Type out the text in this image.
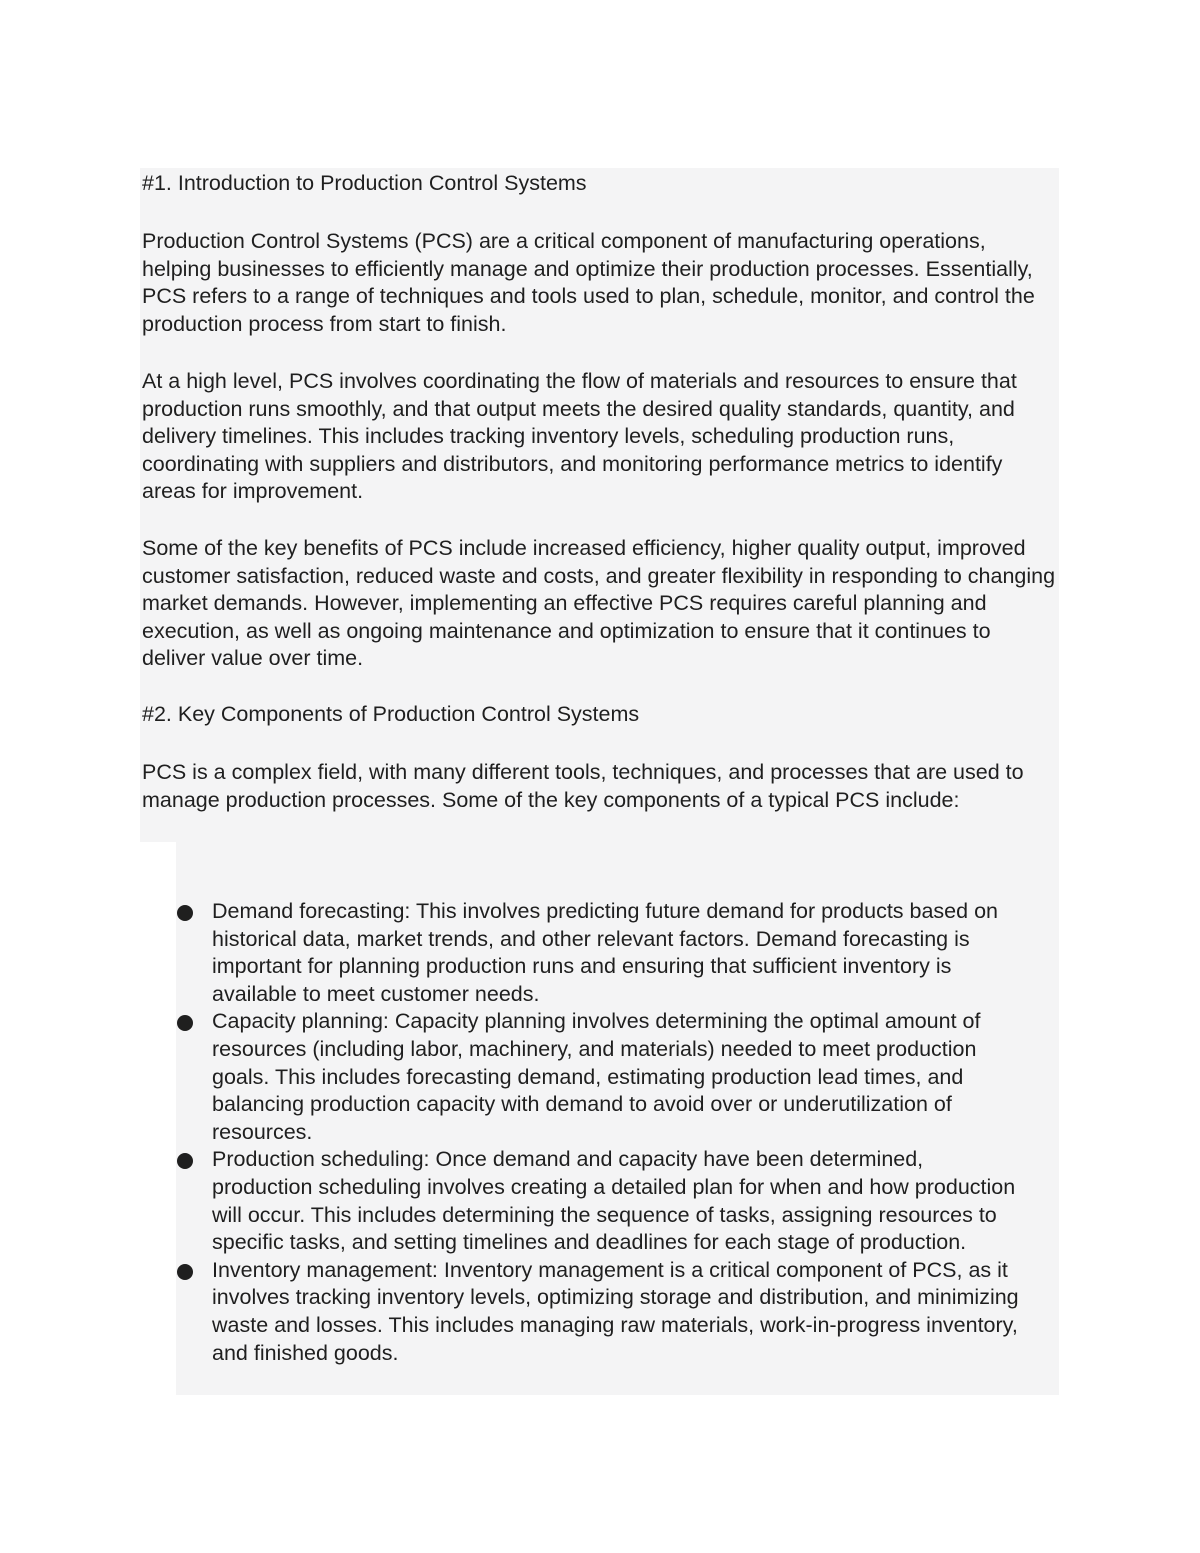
#1. Introduction to Production Control Systems

Production Control Systems (PCS) are a critical component of manufacturing operations, helping businesses to efficiently manage and optimize their production processes. Essentially, PCS refers to a range of techniques and tools used to plan, schedule, monitor, and control the production process from start to finish.

At a high level, PCS involves coordinating the flow of materials and resources to ensure that production runs smoothly, and that output meets the desired quality standards, quantity, and delivery timelines. This includes tracking inventory levels, scheduling production runs, coordinating with suppliers and distributors, and monitoring performance metrics to identify areas for improvement.

Some of the key benefits of PCS include increased efficiency, higher quality output, improved customer satisfaction, reduced waste and costs, and greater flexibility in responding to changing market demands. However, implementing an effective PCS requires careful planning and execution, as well as ongoing maintenance and optimization to ensure that it continues to deliver value over time.

#2. Key Components of Production Control Systems

PCS is a complex field, with many different tools, techniques, and processes that are used to manage production processes. Some of the key components of a typical PCS include:

Demand forecasting: This involves predicting future demand for products based on historical data, market trends, and other relevant factors. Demand forecasting is important for planning production runs and ensuring that sufficient inventory is available to meet customer needs.
Capacity planning: Capacity planning involves determining the optimal amount of resources (including labor, machinery, and materials) needed to meet production goals. This includes forecasting demand, estimating production lead times, and balancing production capacity with demand to avoid over or underutilization of resources.
Production scheduling: Once demand and capacity have been determined, production scheduling involves creating a detailed plan for when and how production will occur. This includes determining the sequence of tasks, assigning resources to specific tasks, and setting timelines and deadlines for each stage of production.
Inventory management: Inventory management is a critical component of PCS, as it involves tracking inventory levels, optimizing storage and distribution, and minimizing waste and losses. This includes managing raw materials, work-in-progress inventory, and finished goods.
